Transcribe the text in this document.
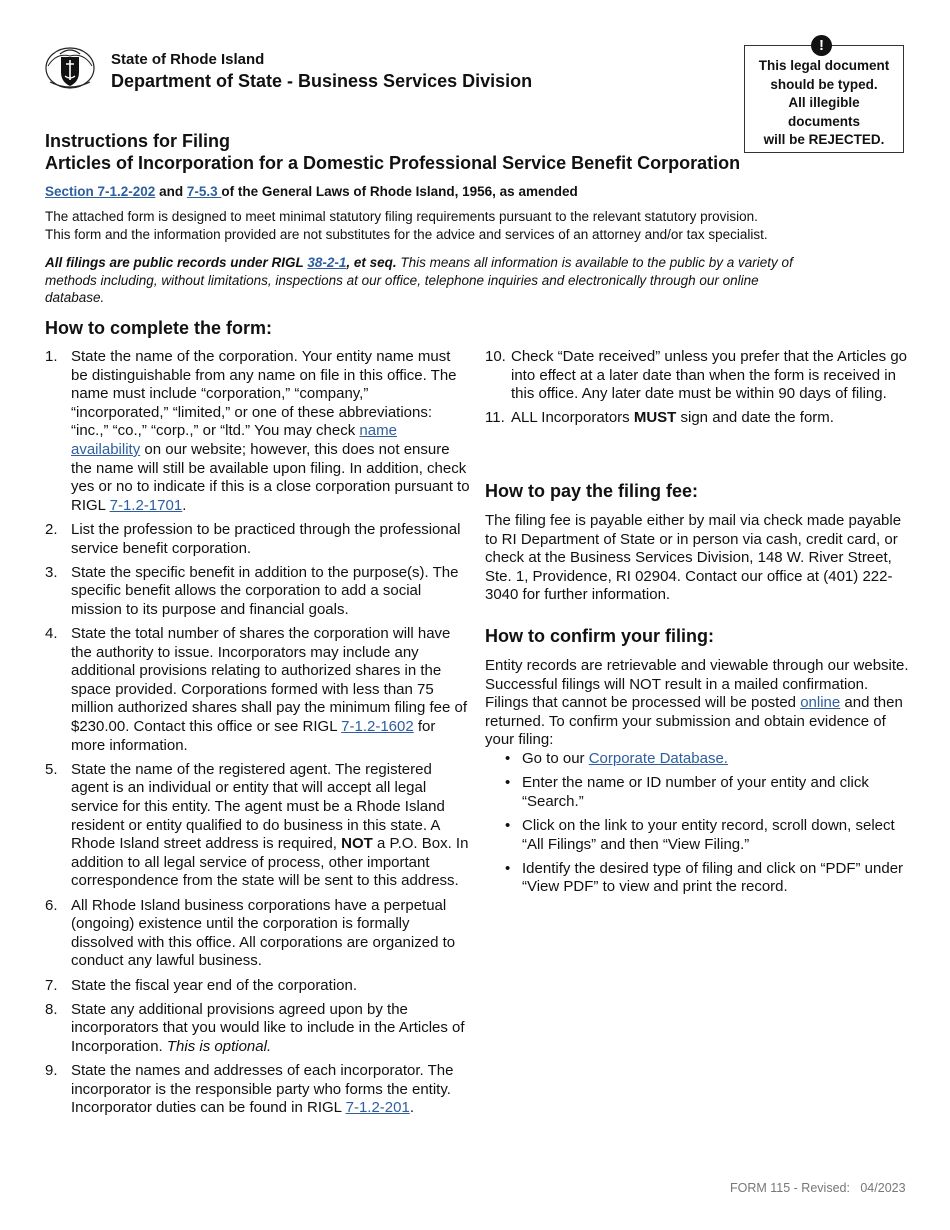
State of Rhode Island
Department of State - Business Services Division
This legal document
should be typed.
All illegible
documents
will be REJECTED.
!
Instructions for Filing
Articles of Incorporation for a Domestic Professional Service Benefit Corporation
Section 7-1.2-202 and 7-5.3 of the General Laws of Rhode Island, 1956, as amended

The attached form is designed to meet minimal statutory filing requirements pursuant to the relevant statutory provision.

This form and the information provided are not substitutes for the advice and services of an attorney and/or tax specialist.

All filings are public records under RIGL 38-2-1, et seq. This means all information is available to the public by a variety of methods including, without limitations, inspections at our office, telephone inquiries and electronically through our online database.
How to complete the form:
1. State the name of the corporation. Your entity name must be distinguishable from any name on file in this office. The name must include “corporation,” “company,” “incorporated,” “limited,” or one of these abbreviations: “inc.,” “co.,” “corp.,” or “ltd.” You may check name availability on our website; however, this does not ensure the name will still be available upon filing. In addition, check yes or no to indicate if this is a close corporation pursuant to RIGL 7-1.2-1701.
2. List the profession to be practiced through the professional service benefit corporation.
3. State the specific benefit in addition to the purpose(s). The specific benefit allows the corporation to add a social mission to its purpose and financial goals.
4. State the total number of shares the corporation will have the authority to issue. Incorporators may include any additional provisions relating to authorized shares in the space provided. Corporations formed with less than 75 million authorized shares shall pay the minimum filing fee of $230.00. Contact this office or see RIGL 7-1.2-1602 for more information.
5. State the name of the registered agent. The registered agent is an individual or entity that will accept all legal service for this entity. The agent must be a Rhode Island resident or entity qualified to do business in this state. A Rhode Island street address is required, NOT a P.O. Box. In addition to all legal service of process, other important correspondence from the state will be sent to this address.
6. All Rhode Island business corporations have a perpetual (ongoing) existence until the corporation is formally dissolved with this office. All corporations are organized to conduct any lawful business.
7. State the fiscal year end of the corporation.
8. State any additional provisions agreed upon by the incorporators that you would like to include in the Articles of Incorporation. This is optional.
9. State the names and addresses of each incorporator. The incorporator is the responsible party who forms the entity. Incorporator duties can be found in RIGL 7-1.2-201.
10. Check “Date received” unless you prefer that the Articles go into effect at a later date than when the form is received in this office. Any later date must be within 90 days of filing.
11. ALL Incorporators MUST sign and date the form.
How to pay the filing fee:
The filing fee is payable either by mail via check made payable to RI Department of State or in person via cash, credit card, or check at the Business Services Division, 148 W. River Street, Ste. 1, Providence, RI 02904. Contact our office at (401) 222-3040 for further information.
How to confirm your filing:
Entity records are retrievable and viewable through our website. Successful filings will NOT result in a mailed confirmation. Filings that cannot be processed will be posted online and then returned. To confirm your submission and obtain evidence of your filing:
• Go to our Corporate Database.
• Enter the name or ID number of your entity and click “Search.”
• Click on the link to your entity record, scroll down, select “All Filings” and then “View Filing.”
• Identify the desired type of filing and click on “PDF” under “View PDF” to view and print the record.
FORM 115 - Revised:   04/2023
